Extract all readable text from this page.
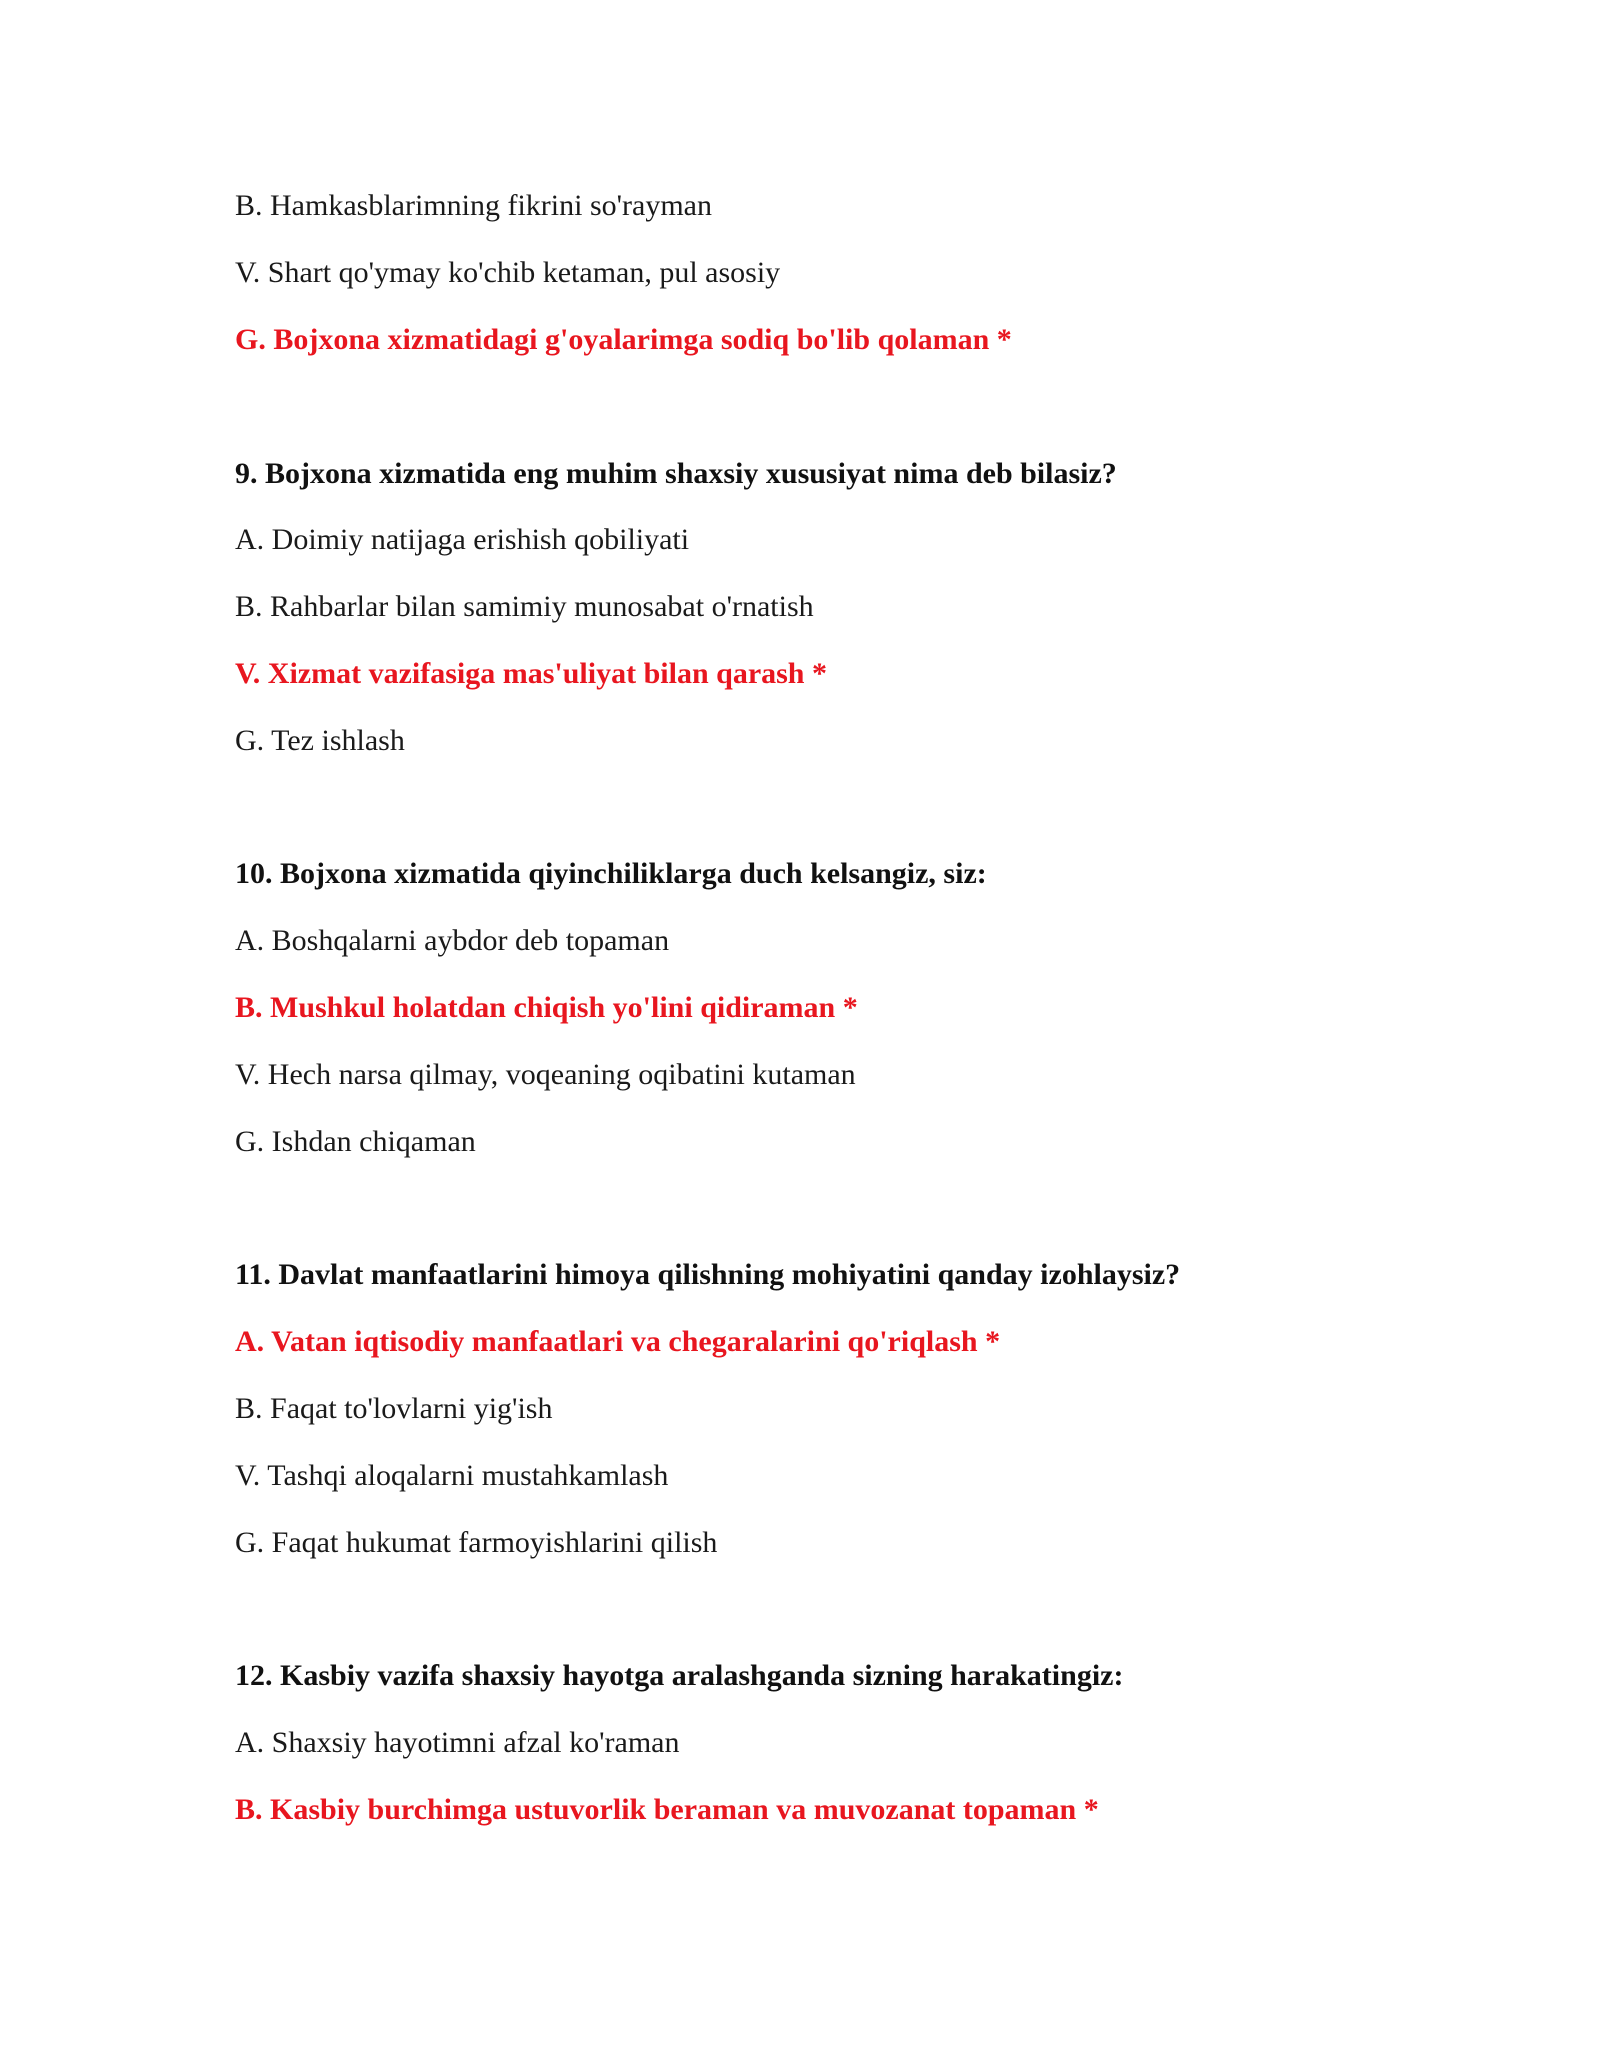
B. Hamkasblarimning fikrini so'rayman
V. Shart qo'ymay ko'chib ketaman, pul asosiy
G. Bojxona xizmatidagi g'oyalarimga sodiq bo'lib qolaman *
9. Bojxona xizmatida eng muhim shaxsiy xususiyat nima deb bilasiz?
A. Doimiy natijaga erishish qobiliyati
B. Rahbarlar bilan samimiy munosabat o'rnatish
V. Xizmat vazifasiga mas'uliyat bilan qarash *
G. Tez ishlash
10. Bojxona xizmatida qiyinchiliklarga duch kelsangiz, siz:
A. Boshqalarni aybdor deb topaman
B. Mushkul holatdan chiqish yo'lini qidiraman *
V. Hech narsa qilmay, voqeaning oqibatini kutaman
G. Ishdan chiqaman
11. Davlat manfaatlarini himoya qilishning mohiyatini qanday izohlaysiz?
A. Vatan iqtisodiy manfaatlari va chegaralarini qo'riqlash *
B. Faqat to'lovlarni yig'ish
V. Tashqi aloqalarni mustahkamlash
G. Faqat hukumat farmoyishlarini qilish
12. Kasbiy vazifa shaxsiy hayotga aralashganda sizning harakatingiz:
A. Shaxsiy hayotimni afzal ko'raman
B. Kasbiy burchimga ustuvorlik beraman va muvozanat topaman *
